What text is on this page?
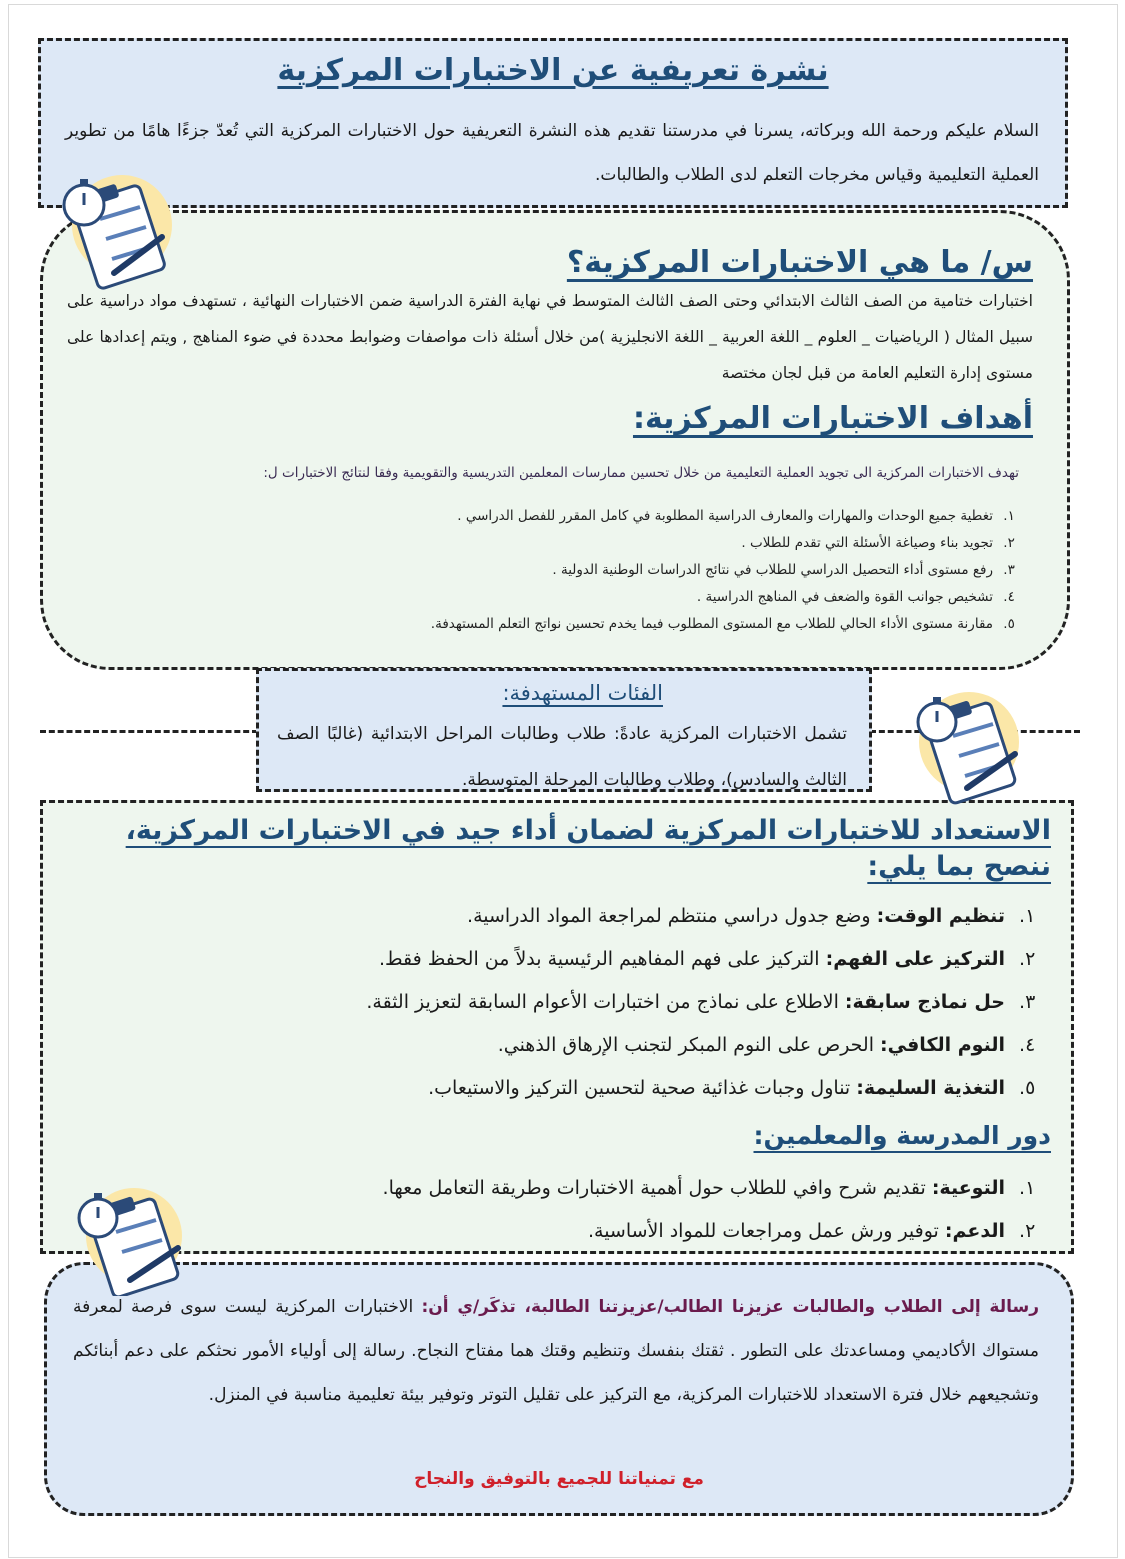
نشرة تعريفية عن الاختبارات المركزية
السلام عليكم ورحمة الله وبركاته، يسرنا في مدرستنا تقديم هذه النشرة التعريفية حول الاختبارات المركزية التي تُعدّ جزءًا هامًا من تطوير العملية التعليمية وقياس مخرجات التعلم لدى الطلاب والطالبات.
س/ ما هي الاختبارات المركزية؟
اختبارات ختامية من الصف الثالث الابتدائي وحتى الصف الثالث المتوسط في نهاية الفترة الدراسية ضمن الاختبارات النهائية ، تستهدف مواد دراسية على سبيل المثال ( الرياضيات _ العلوم _ اللغة العربية _ اللغة الانجليزية )من خلال أسئلة ذات مواصفات وضوابط محددة في ضوء المناهج , ويتم إعدادها على مستوى إدارة التعليم العامة من قبل لجان مختصة
أهداف الاختبارات المركزية:
تهدف الاختبارات المركزية الى تجويد العملية التعليمية من خلال تحسين ممارسات المعلمين التدريسية والتقويمية وفقا لنتائج الاختبارات ل:
1. تغطية جميع الوحدات والمهارات والمعارف الدراسية المطلوبة في كامل المقرر للفصل الدراسي .
2. تجويد بناء وصياغة الأسئلة التي تقدم للطلاب .
3. رفع مستوى أداء التحصيل الدراسي للطلاب في نتائج الدراسات الوطنية الدولية .
4. تشخيص جوانب القوة والضعف في المناهج الدراسية .
5. مقارنة مستوى الأداء الحالي للطلاب مع المستوى المطلوب فيما يخدم تحسين نواتج التعلم المستهدفة.
الفئات المستهدفة:
تشمل الاختبارات المركزية عادةً: طلاب وطالبات المراحل الابتدائية (غالبًا الصف الثالث والسادس)، وطلاب وطالبات المرحلة المتوسطة.
الاستعداد للاختبارات المركزية لضمان أداء جيد في الاختبارات المركزية، ننصح بما يلي:
1. تنظيم الوقت: وضع جدول دراسي منتظم لمراجعة المواد الدراسية.
2. التركيز على الفهم: التركيز على فهم المفاهيم الرئيسية بدلاً من الحفظ فقط.
3. حل نماذج سابقة: الاطلاع على نماذج من اختبارات الأعوام السابقة لتعزيز الثقة.
4. النوم الكافي: الحرص على النوم المبكر لتجنب الإرهاق الذهني.
5. التغذية السليمة: تناول وجبات غذائية صحية لتحسين التركيز والاستيعاب.
دور المدرسة والمعلمين:
1. التوعية: تقديم شرح وافي للطلاب حول أهمية الاختبارات وطريقة التعامل معها.
2. الدعم: توفير ورش عمل ومراجعات للمواد الأساسية.
رسالة إلى الطلاب والطالبات عزيزنا الطالب/عزيزتنا الطالبة، تذكَر/ي أن: الاختبارات المركزية ليست سوى فرصة لمعرفة مستواك الأكاديمي ومساعدتك على التطور . ثقتك بنفسك وتنظيم وقتك هما مفتاح النجاح. رسالة إلى أولياء الأمور نحثكم على دعم أبنائكم وتشجيعهم خلال فترة الاستعداد للاختبارات المركزية، مع التركيز على تقليل التوتر وتوفير بيئة تعليمية مناسبة في المنزل.
مع تمنياتنا للجميع بالتوفيق والنجاح
